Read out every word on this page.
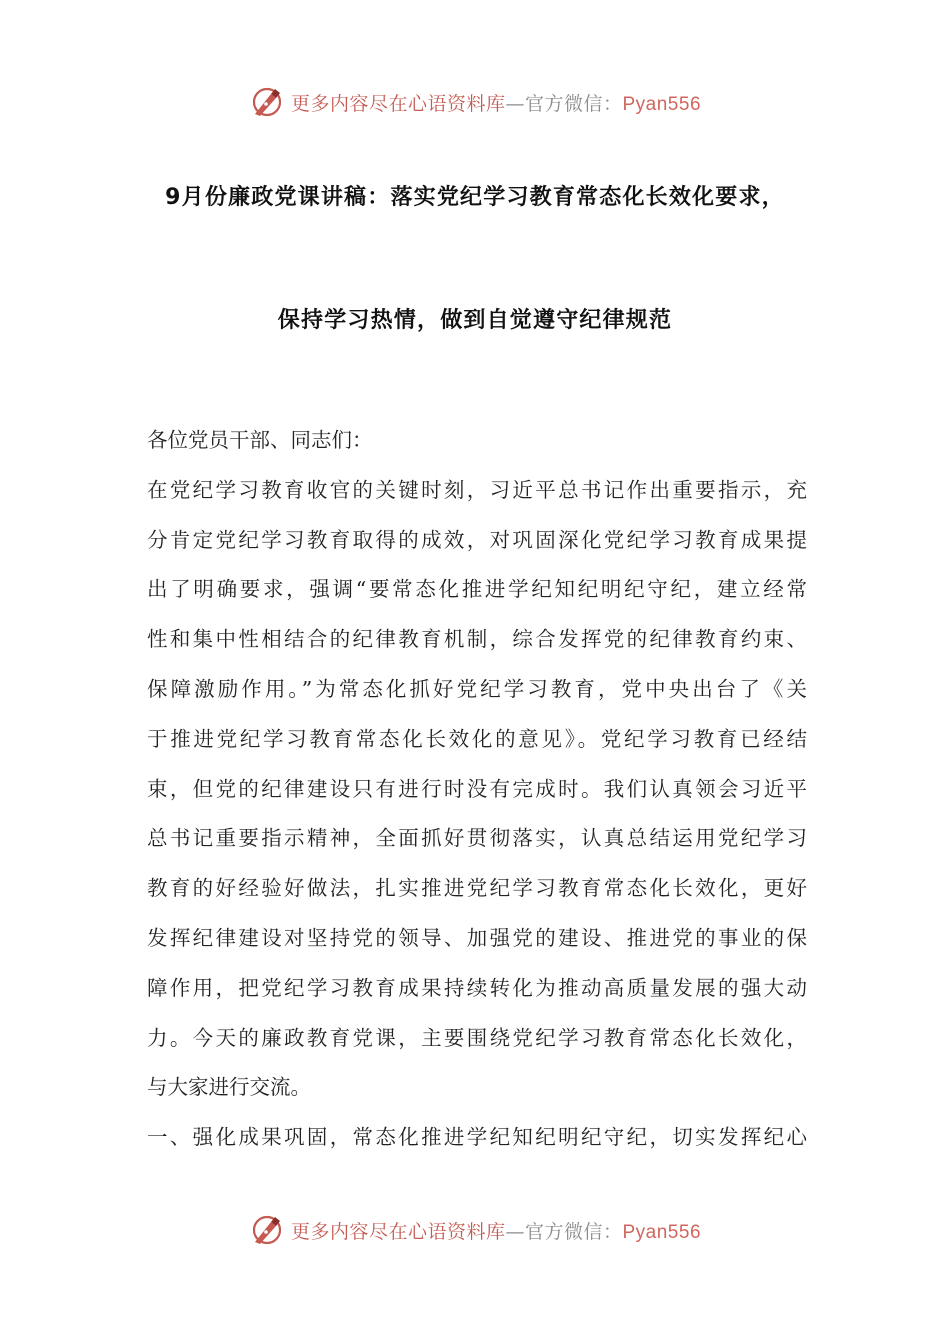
更多内容尽在心语资料库—官方微信：Pyan556
9月份廉政党课讲稿：落实党纪学习教育常态化长效化要求，
保持学习热情，做到自觉遵守纪律规范
各位党员干部、同志们：
在党纪学习教育收官的关键时刻，习近平总书记作出重要指示，充
分肯定党纪学习教育取得的成效，对巩固深化党纪学习教育成果提
出了明确要求，强调“要常态化推进学纪知纪明纪守纪，建立经常
性和集中性相结合的纪律教育机制，综合发挥党的纪律教育约束、
保障激励作用。”为常态化抓好党纪学习教育，党中央出台了《关
于推进党纪学习教育常态化长效化的意见》。党纪学习教育已经结
束，但党的纪律建设只有进行时没有完成时。我们认真领会习近平
总书记重要指示精神，全面抓好贯彻落实，认真总结运用党纪学习
教育的好经验好做法，扎实推进党纪学习教育常态化长效化，更好
发挥纪律建设对坚持党的领导、加强党的建设、推进党的事业的保
障作用，把党纪学习教育成果持续转化为推动高质量发展的强大动
力。今天的廉政教育党课，主要围绕党纪学习教育常态化长效化，
与大家进行交流。
一、强化成果巩固，常态化推进学纪知纪明纪守纪，切实发挥纪心
更多内容尽在心语资料库—官方微信：Pyan556
